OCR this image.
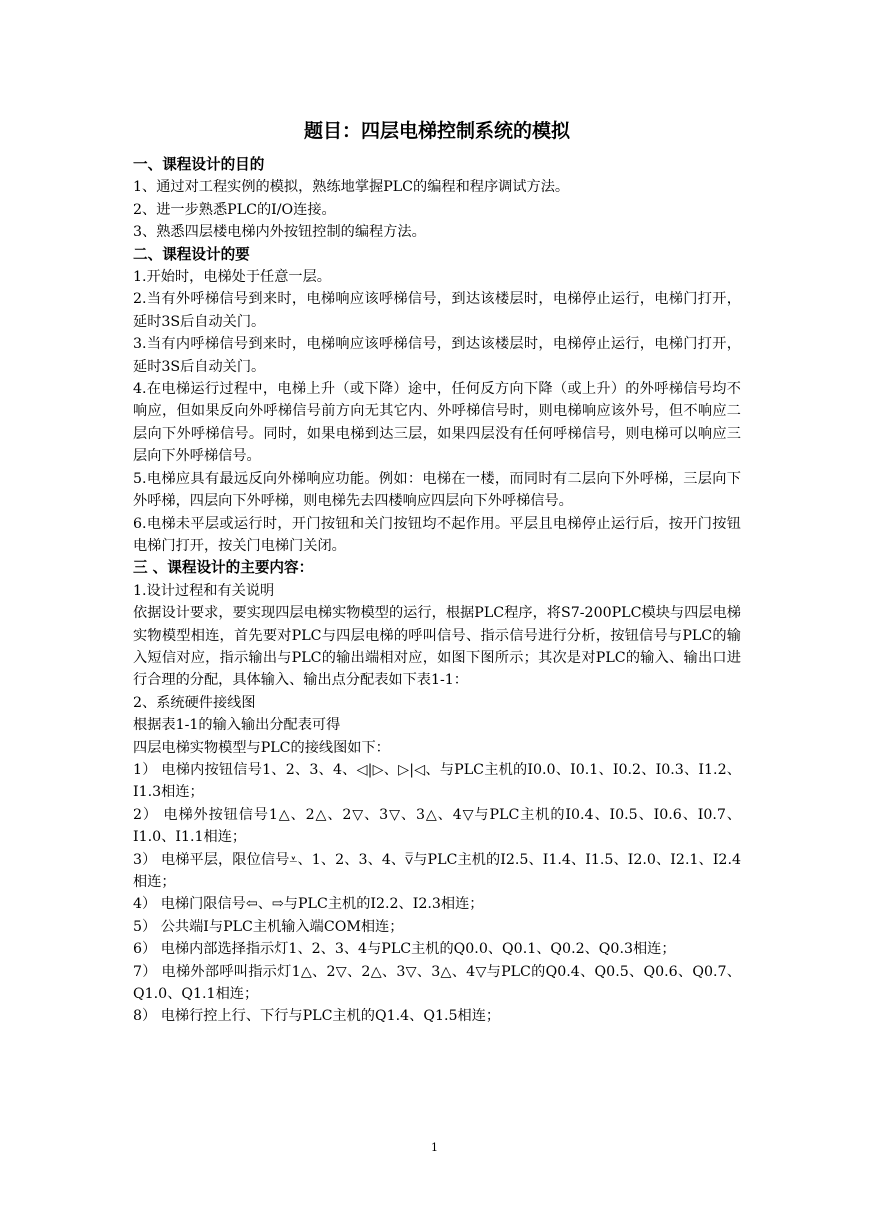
题目：四层电梯控制系统的模拟
一、课程设计的目的

1、通过对工程实例的模拟，熟练地掌握PLC的编程和程序调试方法。

2、进一步熟悉PLC的I/O连接。

3、熟悉四层楼电梯内外按钮控制的编程方法。

二、课程设计的要

1.开始时，电梯处于任意一层。

2.当有外呼梯信号到来时，电梯响应该呼梯信号，到达该楼层时，电梯停止运行，电梯门打开，延时3S后自动关门。

3.当有内呼梯信号到来时，电梯响应该呼梯信号，到达该楼层时，电梯停止运行，电梯门打开，延时3S后自动关门。

4.在电梯运行过程中，电梯上升（或下降）途中，任何反方向下降（或上升）的外呼梯信号均不响应，但如果反向外呼梯信号前方向无其它内、外呼梯信号时，则电梯响应该外号，但不响应二层向下外呼梯信号。同时，如果电梯到达三层，如果四层没有任何呼梯信号，则电梯可以响应三层向下外呼梯信号。

5.电梯应具有最远反向外梯响应功能。例如：电梯在一楼，而同时有二层向下外呼梯，三层向下外呼梯，四层向下外呼梯，则电梯先去四楼响应四层向下外呼梯信号。

6.电梯未平层或运行时，开门按钮和关门按钮均不起作用。平层且电梯停止运行后，按开门按钮电梯门打开，按关门电梯门关闭。

三 、课程设计的主要内容：

1.设计过程和有关说明

依据设计要求，要实现四层电梯实物模型的运行，根据PLC程序，将S7-200PLC模块与四层电梯实物模型相连，首先要对PLC与四层电梯的呼叫信号、指示信号进行分析，按钮信号与PLC的输入短信对应，指示输出与PLC的输出端相对应，如图下图所示；其次是对PLC的输入、输出口进行合理的分配，具体输入、输出点分配表如下表1-1：

2、系统硬件接线图

根据表1-1的输入输出分配表可得

四层电梯实物模型与PLC的接线图如下：

1） 电梯内按钮信号1、2、3、4、◁|▷、▷|◁、与PLC主机的I0.0、I0.1、I0.2、I0.3、I1.2、I1.3相连；

2） 电梯外按钮信号1△、2△、2▽、3▽、3△、4▽与PLC主机的I0.4、I0.5、I0.6、I0.7、I1.0、I1.1相连；

3） 电梯平层，限位信号⩡、1、2、3、4、⩢与PLC主机的I2.5、I1.4、I1.5、I2.0、I2.1、I2.4相连；

4） 电梯门限信号⇦、⇨与PLC主机的I2.2、I2.3相连；

5） 公共端I与PLC主机输入端COM相连；

6） 电梯内部选择指示灯1、2、3、4与PLC主机的Q0.0、Q0.1、Q0.2、Q0.3相连；

7） 电梯外部呼叫指示灯1△、2▽、2△、3▽、3△、4▽与PLC的Q0.4、Q0.5、Q0.6、Q0.7、Q1.0、Q1.1相连；

8） 电梯行控上行、下行与PLC主机的Q1.4、Q1.5相连；

1
